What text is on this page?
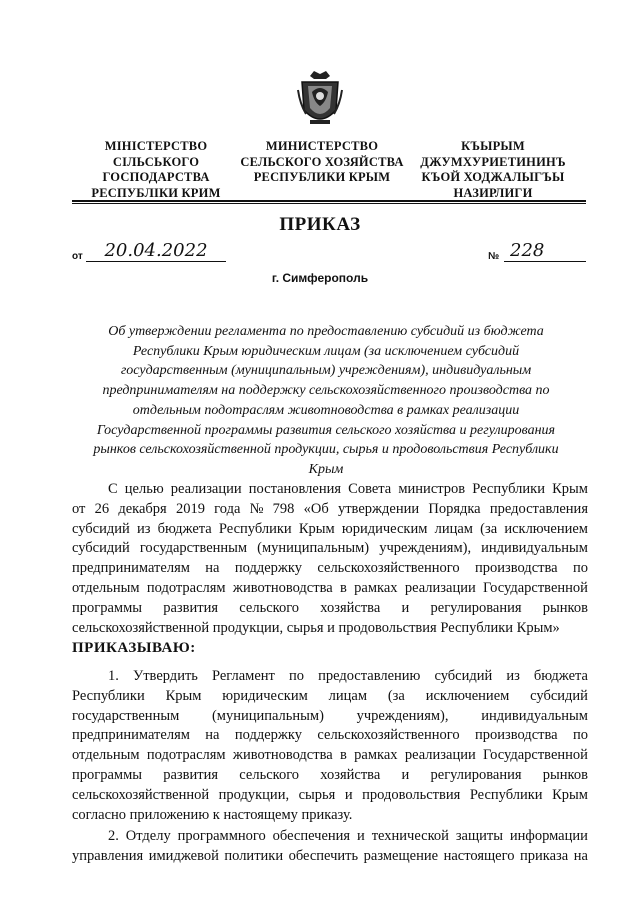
МІНІСТЕРСТВО
СІЛЬСЬКОГО
ГОСПОДАРСТВА
РЕСПУБЛІКИ КРИМ
МИНИСТЕРСТВО
СЕЛЬСКОГО ХОЗЯЙСТВА
РЕСПУБЛИКИ КРЫМ
КЪЫРЫМ
ДЖУМХУРИЕТИНИНЪ
КЪОЙ ХОДЖАЛЫГЪЫ
НАЗИРЛИГИ
ПРИКАЗ
от	20.04.2022	№ 228
г. Симферополь
Об утверждении регламента по предоставлению субсидий из бюджета
Республики Крым юридическим лицам (за исключением субсидий
государственным (муниципальным) учреждениям), индивидуальным
предпринимателям на поддержку сельскохозяйственного производства по
отдельным подотраслям животноводства в рамках реализации
Государственной программы развития сельского хозяйства и регулирования
рынков сельскохозяйственной продукции, сырья и продовольствия Республики
Крым
С целью реализации постановления Совета министров Республики Крым
от 26 декабря 2019 года № 798 «Об утверждении Порядка предоставления
субсидий из бюджета Республики Крым юридическим лицам (за исключением
субсидий государственным (муниципальным) учреждениям), индивидуальным
предпринимателям на поддержку сельскохозяйственного производства по
отдельным подотраслям животноводства в рамках реализации Государственной
программы развития сельского хозяйства и регулирования рынков
сельскохозяйственной продукции, сырья и продовольствия Республики Крым»
ПРИКАЗЫВАЮ:
1. Утвердить Регламент по предоставлению субсидий из бюджета
Республики Крым юридическим лицам (за исключением субсидий
государственным (муниципальным) учреждениям), индивидуальным
предпринимателям на поддержку сельскохозяйственного производства по
отдельным подотраслям животноводства в рамках реализации Государственной
программы развития сельского хозяйства и регулирования рынков
сельскохозяйственной продукции, сырья и продовольствия Республики Крым
согласно приложению к настоящему приказу.
2. Отделу программного обеспечения и технической защиты информации
управления имиджевой политики обеспечить размещение настоящего приказа на
